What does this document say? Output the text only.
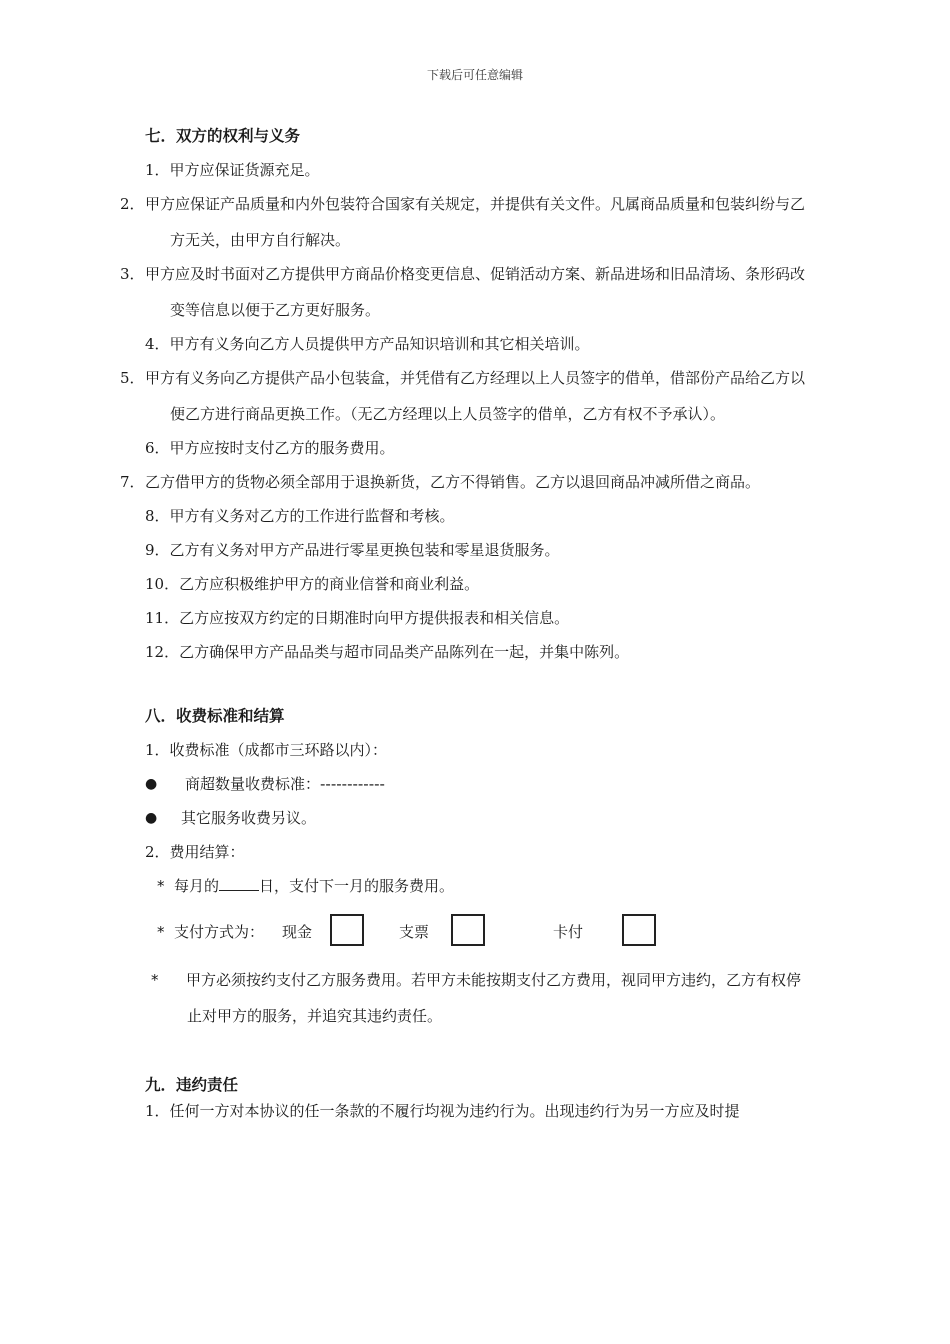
下载后可任意编辑
七．双方的权利与义务

1．甲方应保证货源充足。

2．甲方应保证产品质量和内外包装符合国家有关规定，并提供有关文件。凡属商品质量和包装纠纷与乙方无关，由甲方自行解决。

3．甲方应及时书面对乙方提供甲方商品价格变更信息、促销活动方案、新品进场和旧品清场、条形码改变等信息以便于乙方更好服务。

4．甲方有义务向乙方人员提供甲方产品知识培训和其它相关培训。

5．甲方有义务向乙方提供产品小包装盒，并凭借有乙方经理以上人员签字的借单，借部份产品给乙方以便乙方进行商品更换工作。（无乙方经理以上人员签字的借单，乙方有权不予承认）。

6．甲方应按时支付乙方的服务费用。

7．乙方借甲方的货物必须全部用于退换新货，乙方不得销售。乙方以退回商品冲减所借之商品。

8．甲方有义务对乙方的工作进行监督和考核。

9．乙方有义务对甲方产品进行零星更换包装和零星退货服务。

10．乙方应积极维护甲方的商业信誉和商业利益。

11．乙方应按双方约定的日期准时向甲方提供报表和相关信息。

12．乙方确保甲方产品品类与超市同品类产品陈列在一起，并集中陈列。

八．收费标准和结算

1．收费标准（成都市三环路以内）：

●	商超数量收费标准：------------
●	其它服务收费另议。

2．费用结算：

* 每月的	日，支付下一月的服务费用。
* 支付方式为： 现金	支票	卡付
* 甲方必须按约支付乙方服务费用。若甲方未能按期支付乙方费用，视同甲方违约，乙方有权停止对甲方的服务，并追究其违约责任。
九．违约责任

1．任何一方对本协议的任一条款的不履行均视为违约行为。出现违约行为另一方应及时提
